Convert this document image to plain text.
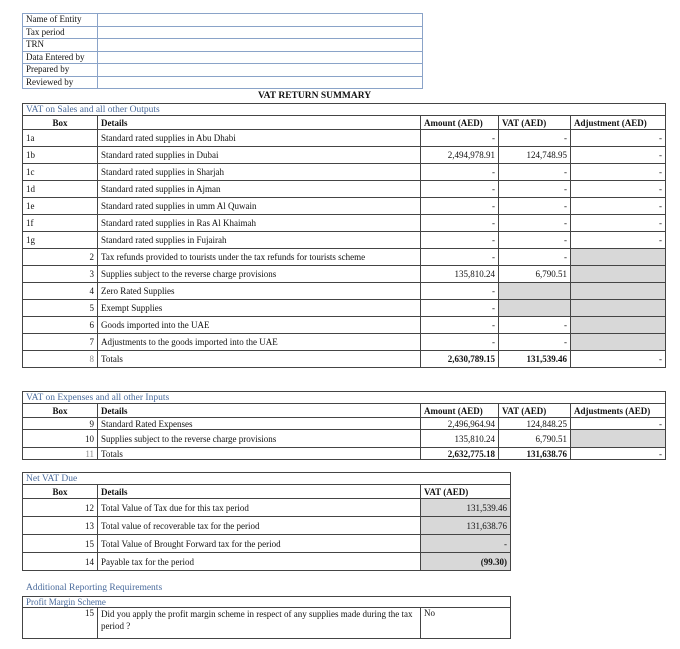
Name of Entity	
Tax period	
TRN	
Data Entered by	
Prepared by	
Reviewed by	
VAT RETURN SUMMARY
VAT on Sales and all other Outputs				
Box	Details	Amount (AED)	VAT (AED)	Adjustment (AED)
1a	Standard rated supplies in Abu Dhabi	-	-	-
1b	Standard rated supplies in Dubai	2,494,978.91	124,748.95	-
1c	Standard rated supplies in Sharjah	-	-	-
1d	Standard rated supplies in Ajman	-	-	-
1e	Standard rated supplies in umm Al Quwain	-	-	-
1f	Standard rated supplies in Ras Al Khaimah	-	-	-
1g	Standard rated supplies in Fujairah	-	-	-
2	Tax refunds provided to tourists under the tax refunds for tourists scheme	-	-	
3	Supplies subject to the reverse charge provisions	135,810.24	6,790.51	
4	Zero Rated Supplies	-		
5	Exempt Supplies	-		
6	Goods imported into the UAE	-	-	
7	Adjustments to the goods imported into the UAE	-	-	
8	Totals	2,630,789.15	131,539.46	-
VAT on Expenses and all other Inputs				
Box	Details	Amount (AED)	VAT (AED)	Adjustments (AED)
9	Standard Rated Expenses	2,496,964.94	124,848.25	-
10	Supplies subject to the reverse charge provisions	135,810.24	6,790.51	
11	Totals	2,632,775.18	131,638.76	-
Net VAT Due		
Box	Details	VAT (AED)
12	Total Value of Tax due for this tax period	131,539.46
13	Total value of recoverable tax for the period	131,638.76
15	Total Value of Brought Forward tax for the period	-
14	Payable tax for the period	(99.30)
Additional Reporting Requirements
Profit Margin Scheme
15	Did you apply the profit margin scheme in respect of any supplies made during the tax period ?	No
